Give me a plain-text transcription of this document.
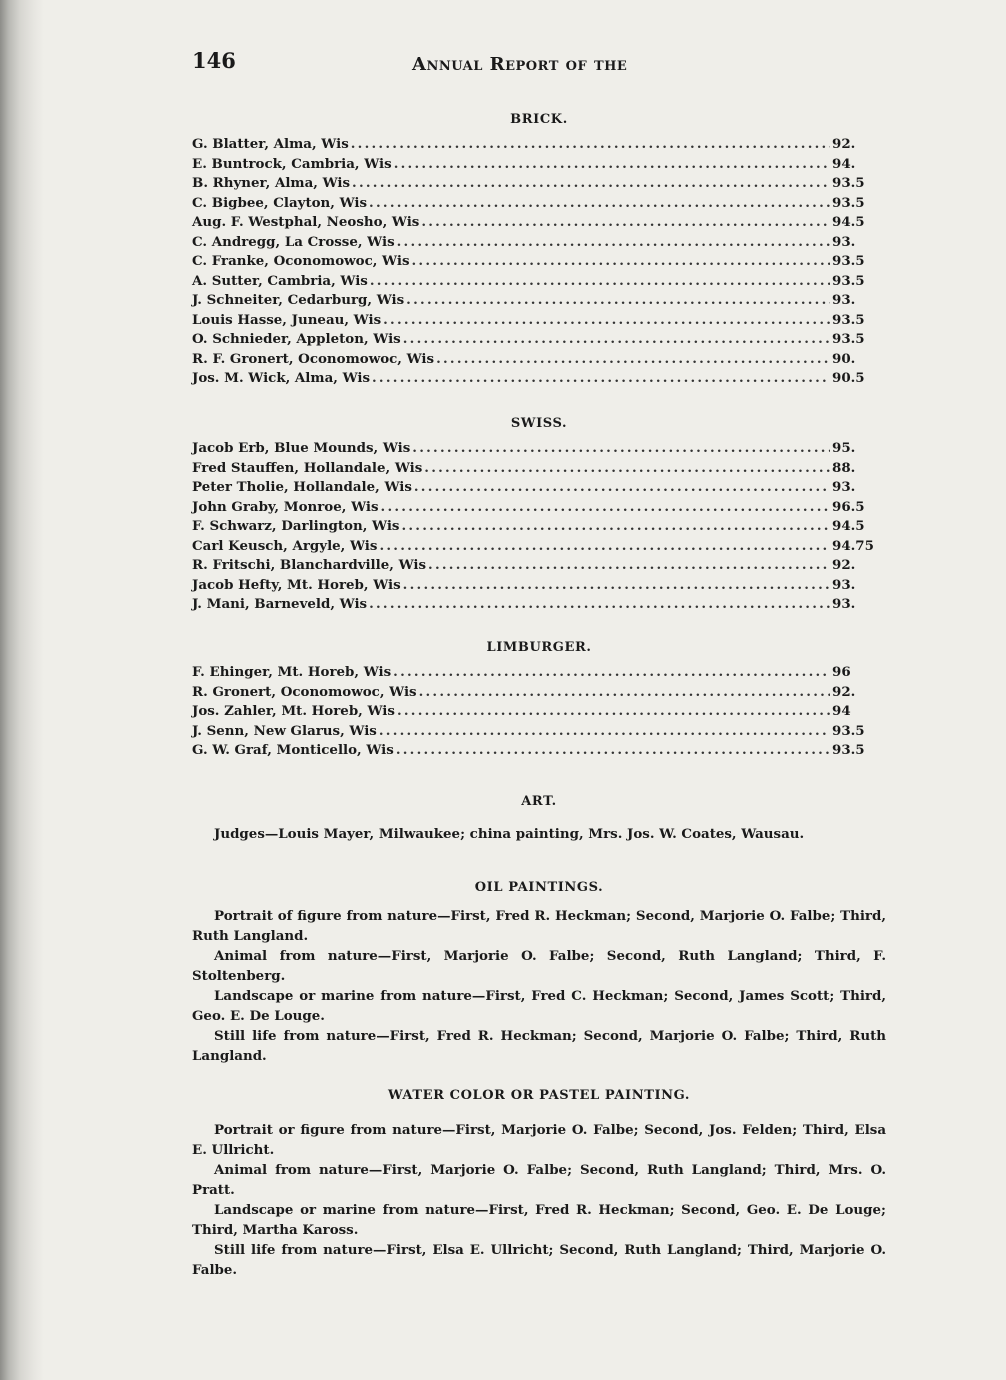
146	Annual Report of the
BRICK.
G. Blatter, Alma, Wis . . .	92.
E. Buntrock, Cambria, Wis . . .	94.
B. Rhyner, Alma, Wis . . .	93.5
C. Bigbee, Clayton, Wis . . .	93.5
Aug. F. Westphal, Neosho, Wis . . .	94.5
C. Andregg, La Crosse, Wis . . .	93.
C. Franke, Oconomowoc, Wis . . .	93.5
A. Sutter, Cambria, Wis . . .	93.5
J. Schneiter, Cedarburg, Wis . . .	93.
Louis Hasse, Juneau, Wis . . .	93.5
O. Schnieder, Appleton, Wis . . .	93.5
R. F. Gronert, Oconomowoc, Wis . . .	90.
Jos. M. Wick, Alma, Wis . . .	90.5
SWISS.
Jacob Erb, Blue Mounds, Wis . . .	95.
Fred Stauffen, Hollandale, Wis . . .	88.
Peter Tholie, Hollandale, Wis . . .	93.
John Graby, Monroe, Wis . . .	96.5
F. Schwarz, Darlington, Wis . . .	94.5
Carl Keusch, Argyle, Wis . . .	94.75
R. Fritschi, Blanchardville, Wis . . .	92.
Jacob Hefty, Mt. Horeb, Wis . . .	93.
J. Mani, Barneveld, Wis . . .	93.
LIMBURGER.
F. Ehinger, Mt. Horeb, Wis . . .	96
R. Gronert, Oconomowoc, Wis . . .	92.
Jos. Zahler, Mt. Horeb, Wis . . .	94
J. Senn, New Glarus, Wis . . .	93.5
G. W. Graf, Monticello, Wis . . .	93.5
ART.
Judges—Louis Mayer, Milwaukee; china painting, Mrs. Jos. W. Coates, Wausau.
OIL PAINTINGS.
Portrait of figure from nature—First, Fred R. Heckman; Second, Marjorie O. Falbe; Third, Ruth Langland.
Animal from nature—First, Marjorie O. Falbe; Second, Ruth Langland; Third, F. Stoltenberg.
Landscape or marine from nature—First, Fred C. Heckman; Second, James Scott; Third, Geo. E. De Louge.
Still life from nature—First, Fred R. Heckman; Second, Marjorie O. Falbe; Third, Ruth Langland.
WATER COLOR OR PASTEL PAINTING.
Portrait or figure from nature—First, Marjorie O. Falbe; Second, Jos. Felden; Third, Elsa E. Ullricht.
Animal from nature—First, Marjorie O. Falbe; Second, Ruth Langland; Third, Mrs. O. Pratt.
Landscape or marine from nature—First, Fred R. Heckman; Second, Geo. E. De Louge; Third, Martha Kaross.
Still life from nature—First, Elsa E. Ullricht; Second, Ruth Langland; Third, Marjorie O. Falbe.
